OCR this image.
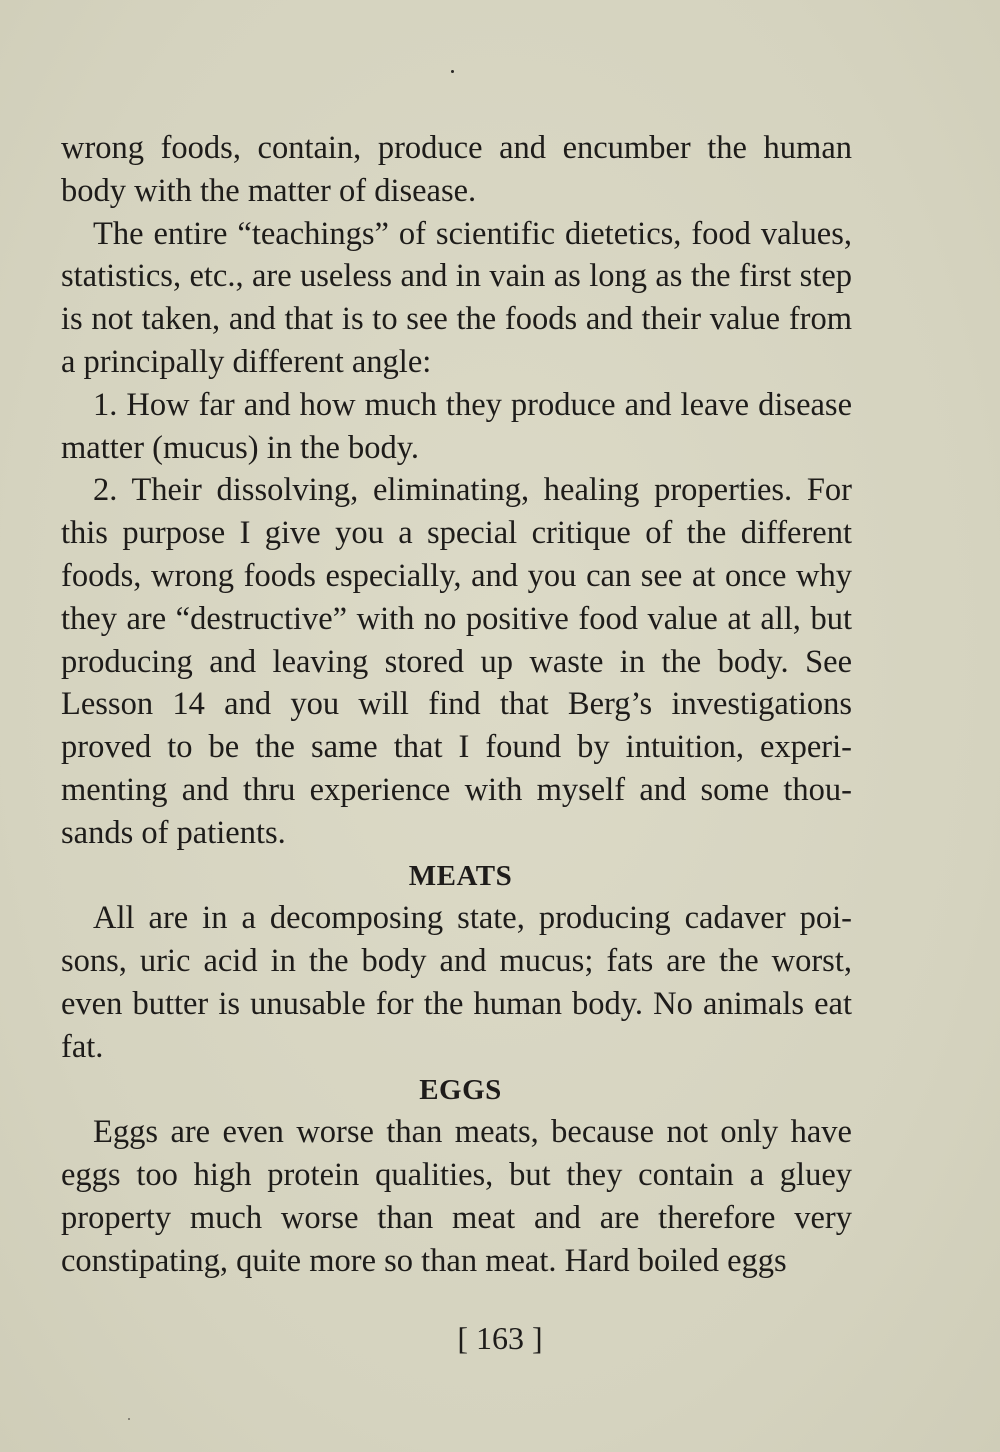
wrong foods, contain, produce and encumber the human body with the matter of disease.

The entire “teachings” of scientific dietetics, food values, statistics, etc., are useless and in vain as long as the first step is not taken, and that is to see the foods and their value from a principally different angle:

1. How far and how much they produce and leave disease matter (mucus) in the body.

2. Their dissolving, eliminating, healing properties. For this purpose I give you a special critique of the different foods, wrong foods especially, and you can see at once why they are “destructive” with no positive food value at all, but producing and leaving stored up waste in the body. See Lesson 14 and you will find that Berg’s investigations proved to be the same that I found by intuition, experimenting and thru experience with myself and some thousands of patients.

MEATS

All are in a decomposing state, producing cadaver poisons, uric acid in the body and mucus; fats are the worst, even butter is unusable for the human body. No animals eat fat.

EGGS

Eggs are even worse than meats, because not only have eggs too high protein qualities, but they contain a gluey property much worse than meat and are therefore very constipating, quite more so than meat. Hard boiled eggs

[ 163 ]
